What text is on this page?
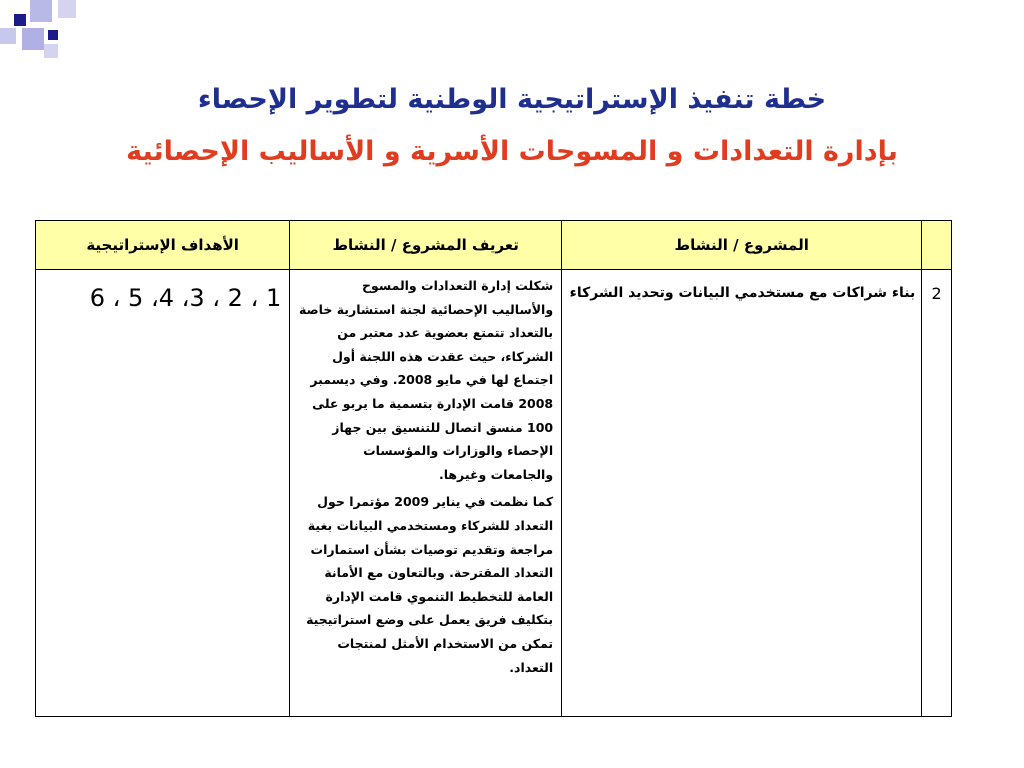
خطة تنفيذ الإستراتيجية الوطنية لتطوير الإحصاء
بإدارة التعدادات و المسوحات الأسرية و الأساليب الإحصائية
	المشروع / النشاط	تعريف المشروع / النشاط	الأهداف الإستراتيجية
2	بناء شراكات مع مستخدمي البيانات وتحديد الشركاء	شكلت إدارة التعدادات والمسوح والأساليب الإحصائية لجنة استشارية خاصة بالتعداد تتمتع بعضوية عدد معتبر من الشركاء، حيث عقدت هذه اللجنة أول اجتماع لها في مايو 2008. وفي ديسمبر 2008 قامت الإدارة بتسمية ما يربو على 100 منسق اتصال للتنسيق بين جهاز الإحصاء والوزارات والمؤسسات والجامعات وغيرها.

كما نظمت في يناير 2009 مؤتمرا حول التعداد للشركاء ومستخدمي البيانات بغية مراجعة وتقديم توصيات بشأن استمارات التعداد المقترحة. وبالتعاون مع الأمانة العامة للتخطيط التنموي قامت الإدارة بتكليف فريق يعمل على وضع استراتيجية تمكن من الاستخدام الأمثل لمنتجات التعداد.	1 ، 2 ، 3، 4، 5 ، 6
